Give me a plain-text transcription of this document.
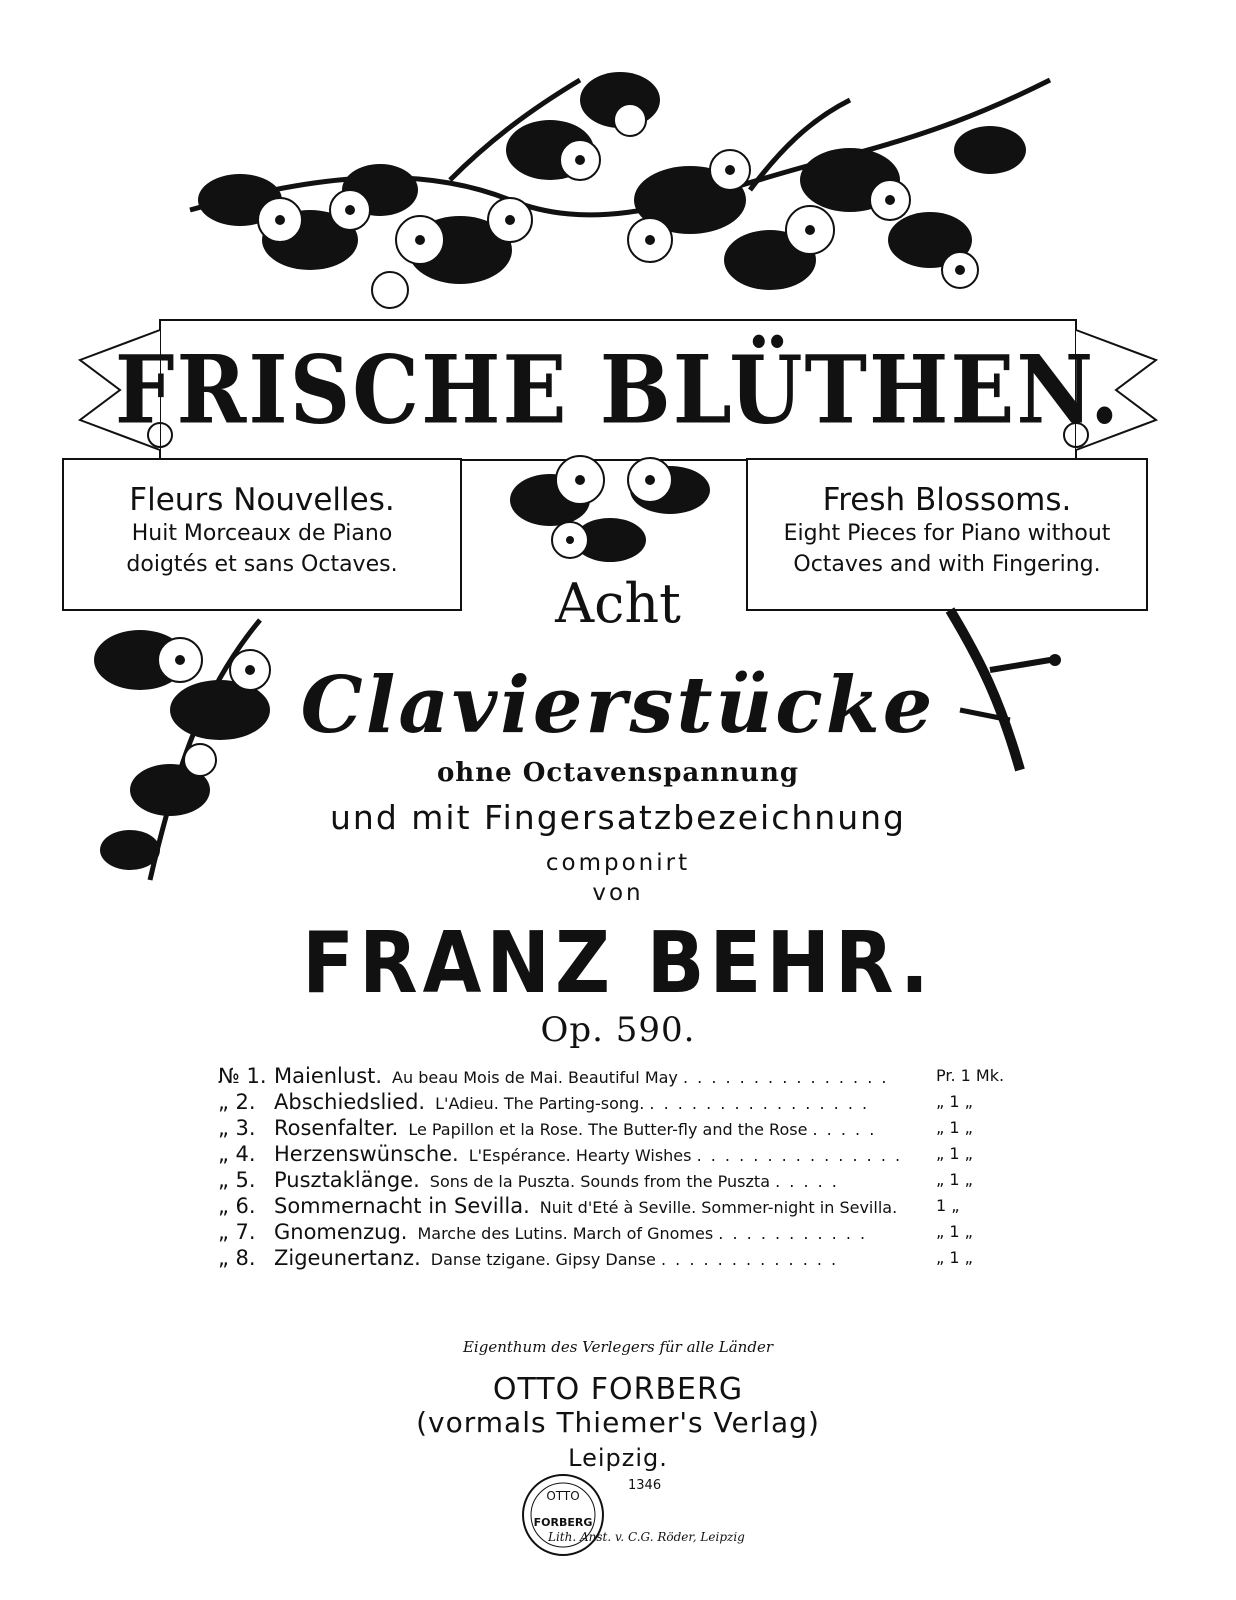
FRISCHE BLÜTHEN.
Fleurs Nouvelles.
Huit Morceaux de Piano
doigtés et sans Octaves.
Fresh Blossoms.
Eight Pieces for Piano without
Octaves and with Fingering.
Acht
Clavierstücke
ohne Octavenspannung
und mit Fingersatzbezeichnung
componirt
von
FRANZ BEHR.
Op. 590.
№ 1. Maienlust. Au beau Mois de Mai. Beautiful May . . . . . . . . . . . . . . .	Pr. 1 Mk.
„ 2. Abschiedslied. L'Adieu. The Parting-song. . . . . . . . . . . . . . . . .	„ 1 „
„ 3. Rosenfalter. Le Papillon et la Rose. The Butter-fly and the Rose . . . . .	„ 1 „
„ 4. Herzenswünsche. L'Espérance. Hearty Wishes . . . . . . . . . . . . . . . „ 1 „
„ 5. Pusztaklänge. Sons de la Puszta. Sounds from the Puszta . . . . .	„ 1 „
„ 6. Sommernacht in Sevilla. Nuit d'Eté à Seville. Sommer-night in Sevilla. 1 „
„ 7. Gnomenzug. Marche des Lutins. March of Gnomes . . . . . . . . . . .	„ 1 „
„ 8. Zigeunertanz. Danse tzigane. Gipsy Danse . . . . . . . . . . . . .	„ 1 „
Eigenthum des Verlegers für alle Länder
OTTO FORBERG
(vormals Thiemer's Verlag)
Leipzig.
OTTO
FORBERG
1346
Lith. Anst. v. C.G. Röder, Leipzig
